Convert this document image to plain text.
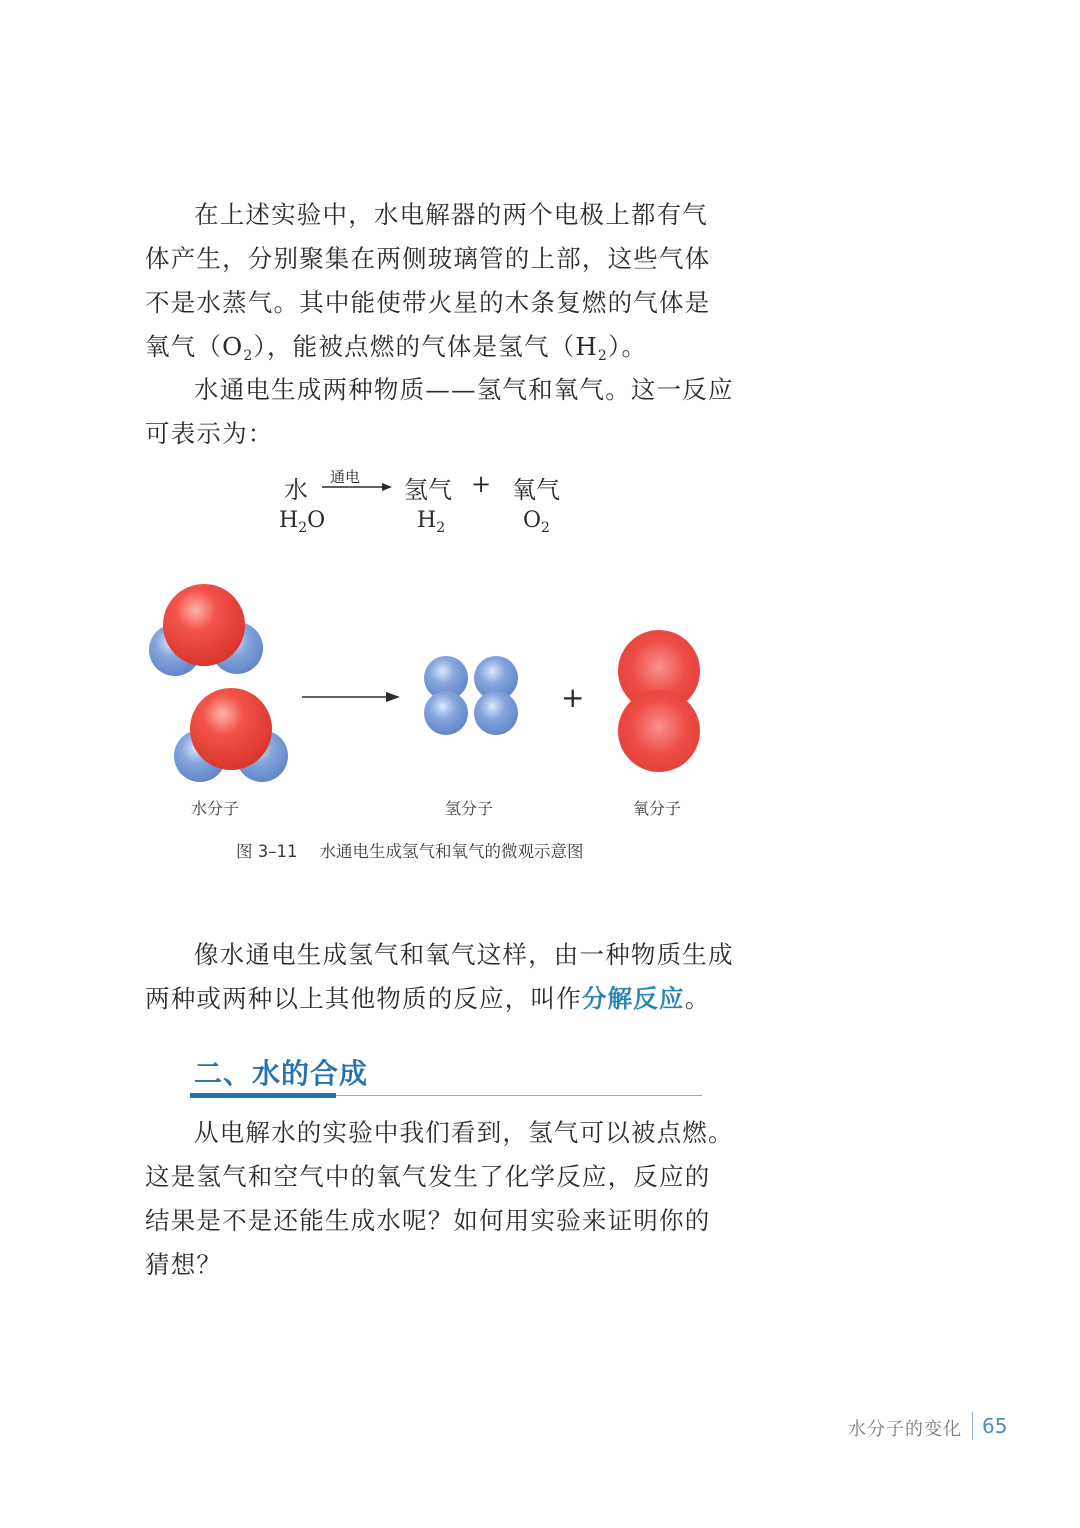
在上述实验中，水电解器的两个电极上都有气
体产生，分别聚集在两侧玻璃管的上部，这些气体
不是水蒸气。其中能使带火星的木条复燃的气体是
氧气$(O_2)$，能被点燃的气体是氢气$(H_2)$。
水通电生成两种物质——氢气和氧气。这一反应
可表示为：
水 通电 氢气 + 氧气
$H_2O$	$H_2$	$O_2$
+
水分子	氢分子	氧分子
图 3–11 水通电生成氢气和氧气的微观示意图
像水通电生成氢气和氧气这样，由一种物质生成
两种或两种以上其他物质的反应，叫作分解反应。
二、水的合成
从电解水的实验中我们看到，氢气可以被点燃。
这是氢气和空气中的氧气发生了化学反应，反应的
结果是不是还能生成水呢？如何用实验来证明你的
猜想？
水分子的变化 65
